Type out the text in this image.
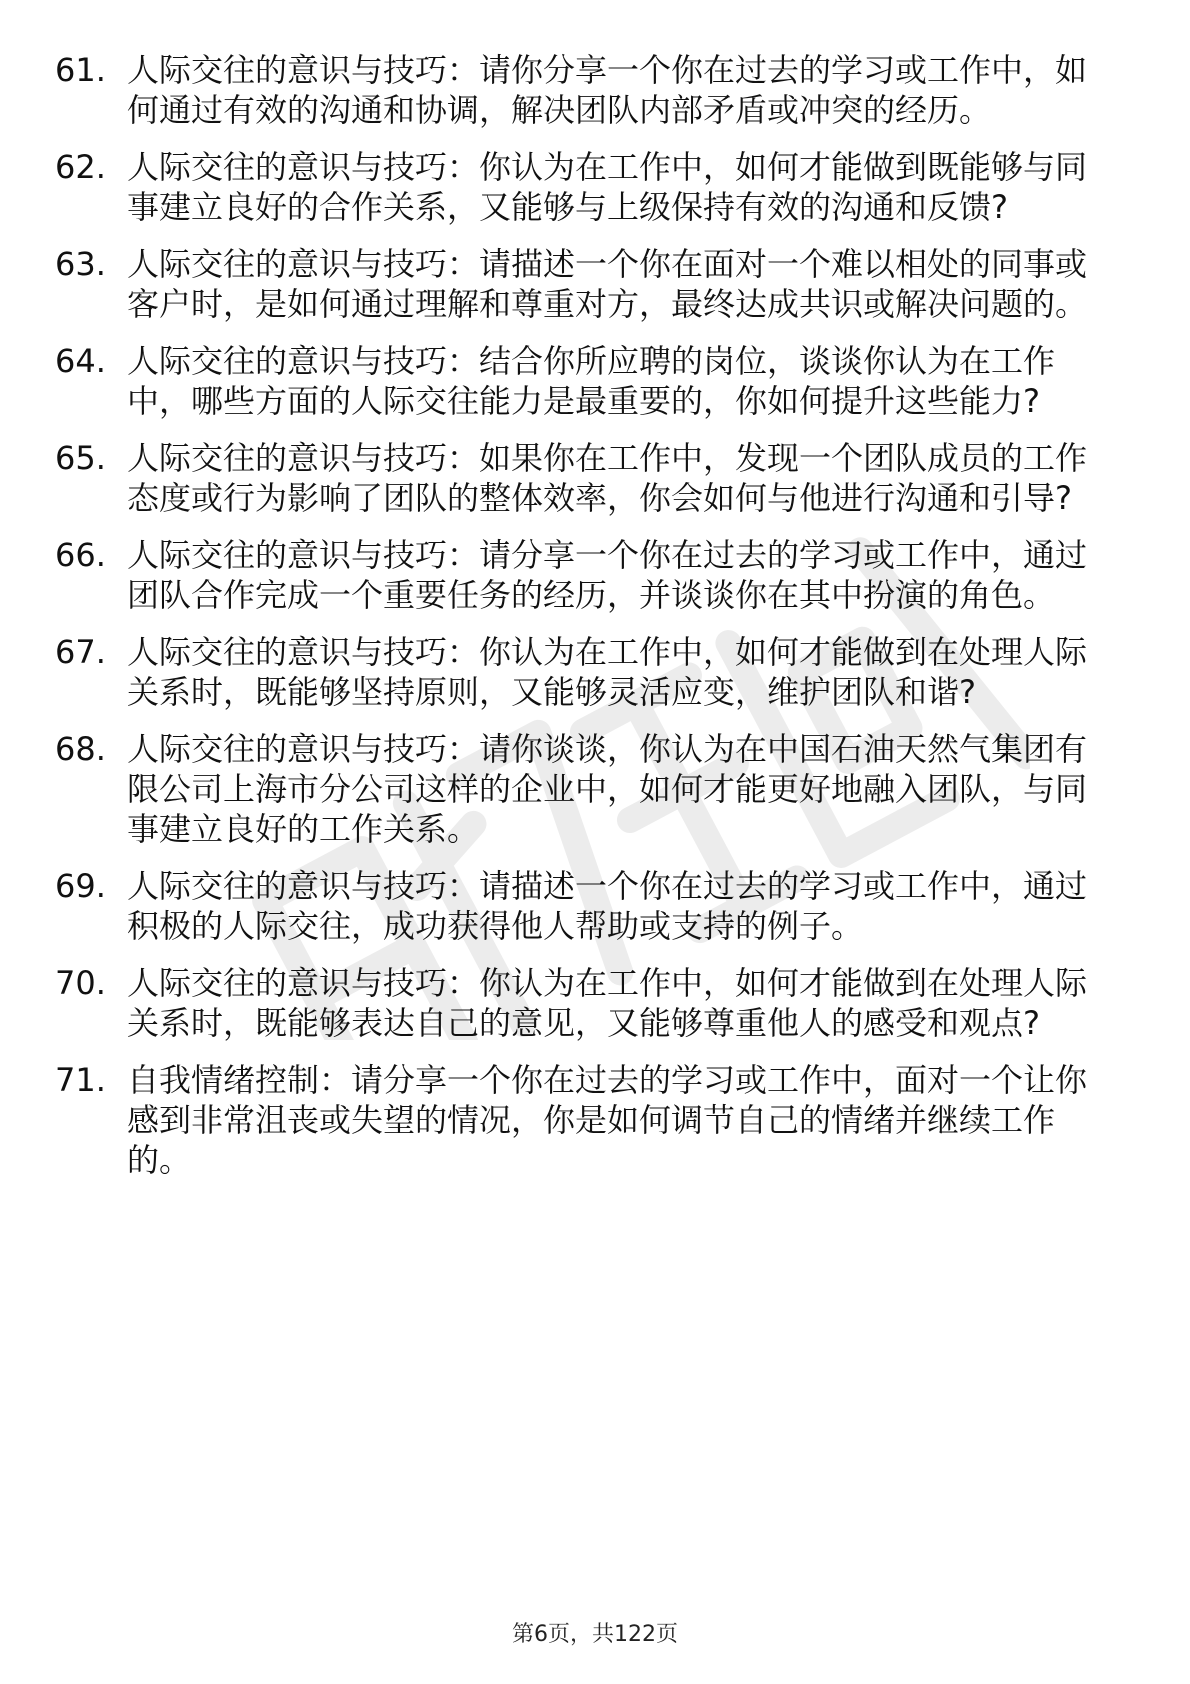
61. 人际交往的意识与技巧：请你分享一个你在过去的学习或工作中，如何通过有效的沟通和协调，解决团队内部矛盾或冲突的经历。
62. 人际交往的意识与技巧：你认为在工作中，如何才能做到既能够与同事建立良好的合作关系，又能够与上级保持有效的沟通和反馈?
63. 人际交往的意识与技巧：请描述一个你在面对一个难以相处的同事或客户时，是如何通过理解和尊重对方，最终达成共识或解决问题的。
64. 人际交往的意识与技巧：结合你所应聘的岗位，谈谈你认为在工作中，哪些方面的人际交往能力是最重要的，你如何提升这些能力?
65. 人际交往的意识与技巧：如果你在工作中，发现一个团队成员的工作态度或行为影响了团队的整体效率，你会如何与他进行沟通和引导?
66. 人际交往的意识与技巧：请分享一个你在过去的学习或工作中，通过团队合作完成一个重要任务的经历，并谈谈你在其中扮演的角色。
67. 人际交往的意识与技巧：你认为在工作中，如何才能做到在处理人际关系时，既能够坚持原则，又能够灵活应变，维护团队和谐?
68. 人际交往的意识与技巧：请你谈谈，你认为在中国石油天然气集团有限公司上海市分公司这样的企业中，如何才能更好地融入团队，与同事建立良好的工作关系。
69. 人际交往的意识与技巧：请描述一个你在过去的学习或工作中，通过积极的人际交往，成功获得他人帮助或支持的例子。
70. 人际交往的意识与技巧：你认为在工作中，如何才能做到在处理人际关系时，既能够表达自己的意见，又能够尊重他人的感受和观点?
71. 自我情绪控制：请分享一个你在过去的学习或工作中，面对一个让你感到非常沮丧或失望的情况，你是如何调节自己的情绪并继续工作的。
第6页，共122页
